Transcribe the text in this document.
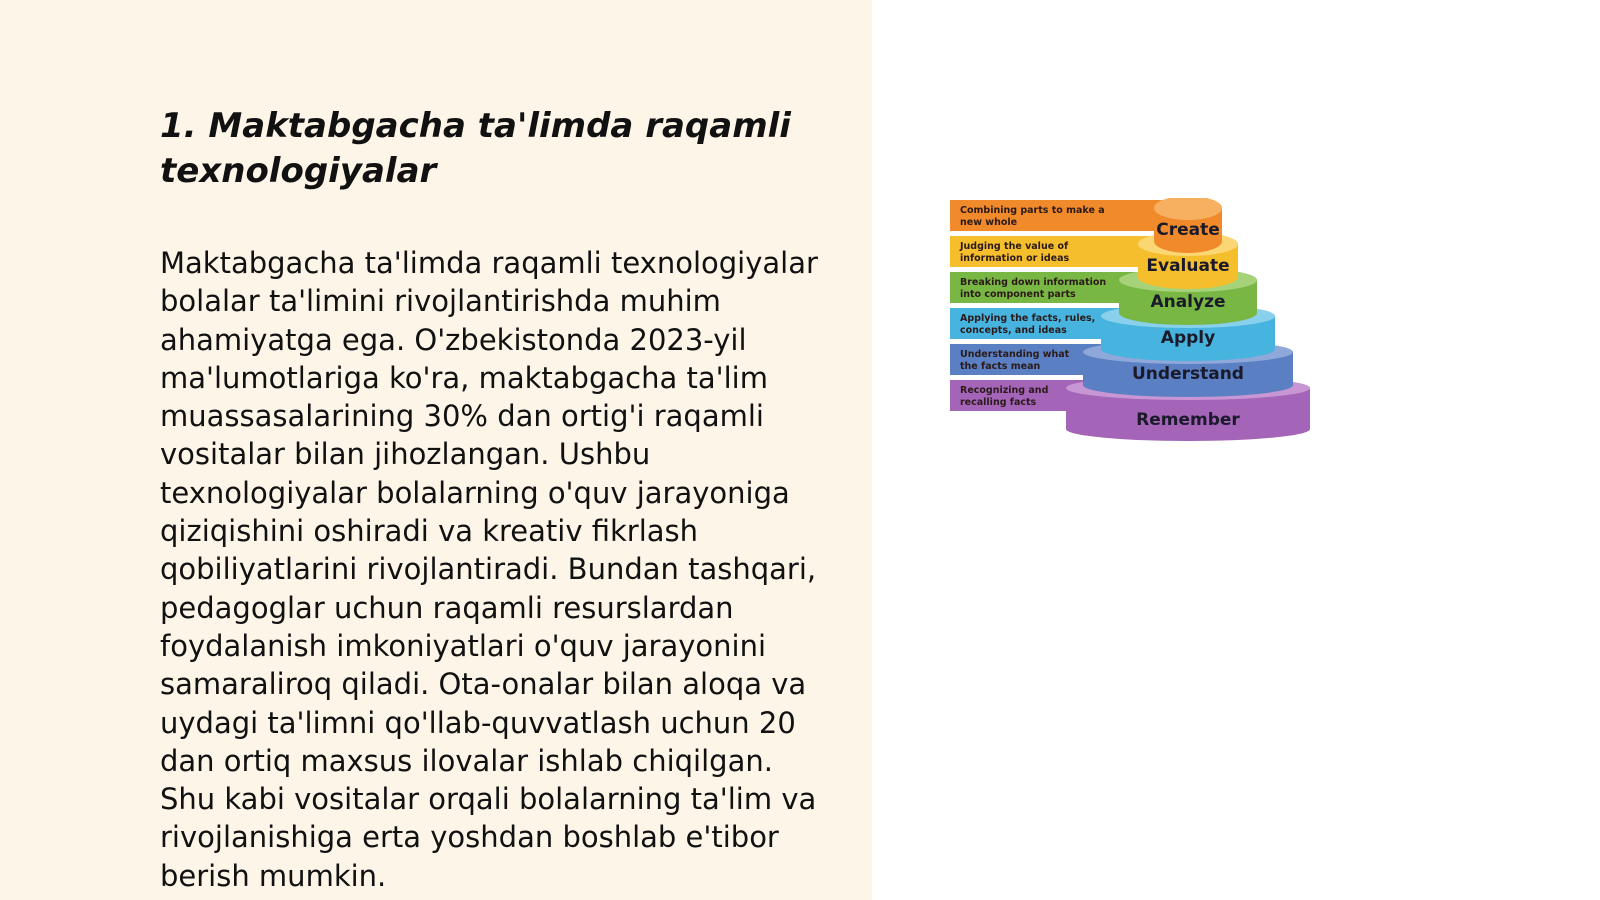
1. Maktabgacha ta'limda raqamli
texnologiyalar

Maktabgacha ta'limda raqamli texnologiyalar
bolalar ta'limini rivojlantirishda muhim
ahamiyatga ega. O'zbekistonda 2023-yil
ma'lumotlariga ko'ra, maktabgacha ta'lim
muassasalarining 30% dan ortig'i raqamli
vositalar bilan jihozlangan. Ushbu
texnologiyalar bolalarning o'quv jarayoniga
qiziqishini oshiradi va kreativ fikrlash
qobiliyatlarini rivojlantiradi. Bundan tashqari,
pedagoglar uchun raqamli resurslardan
foydalanish imkoniyatlari o'quv jarayonini
samaraliroq qiladi. Ota-onalar bilan aloqa va
uydagi ta'limni qo'llab-quvvatlash uchun 20
dan ortiq maxsus ilovalar ishlab chiqilgan.
Shu kabi vositalar orqali bolalarning ta'lim va
rivojlanishiga erta yoshdan boshlab e'tibor
berish mumkin.

Recognizing and
recalling facts
Remember
Understanding what
the facts mean	Understand
Applying the facts, rules,
concepts, and ideas	Apply
Breaking down information
into component parts	Analyze
Judging the value of
information or ideas	Evaluate
Combining parts to make a
new whole	Create
